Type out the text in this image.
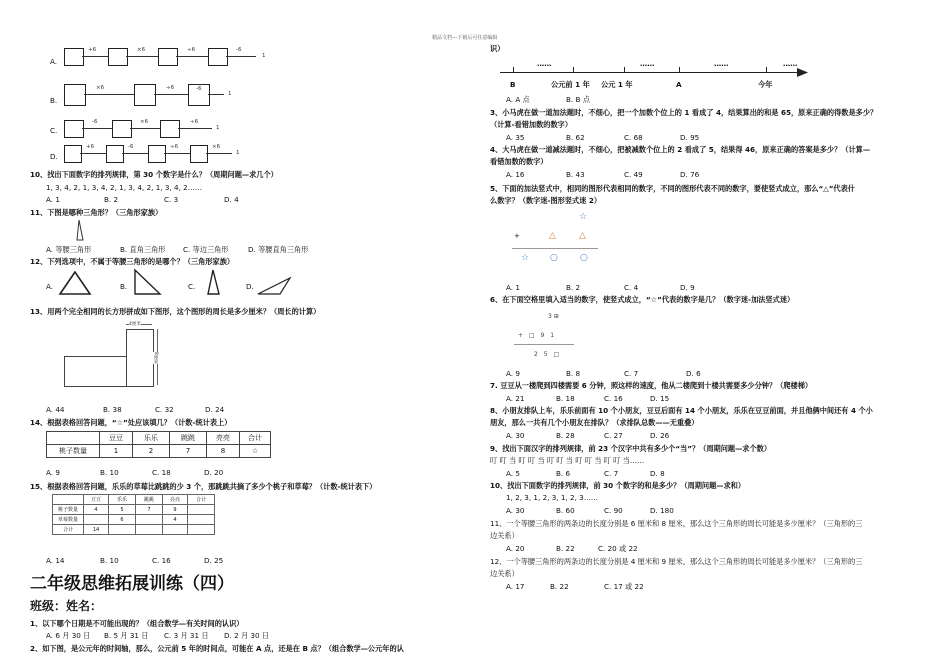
精品文档---下载后可任意编辑
A.
+6	×6	÷6	-6
1
B.
×6	÷6	-6
1
C.
-6	×6	÷6
1
D.
+6	-6	÷6	×6
1
10、找出下面数字的排列规律，第 30 个数字是什么？（周期问题—求几个）
1, 3, 4, 2, 1, 3, 4, 2, 1, 3, 4, 2, 1, 3, 4, 2……
A. 1	B. 2	C. 3	D. 4
11、下图是哪种三角形？（三角形家族）
A. 等腰三角形	B. 直角三角形 C. 等边三角形	D. 等腰直角三角形
12、下列选项中，不属于等腰三角形的是哪个？（三角形家族）
A.	B.	C.	D.
13、用两个完全相同的长方形拼成如下图形，这个图形的周长是多少厘米？（周长的计算）
4厘米
8厘米
A. 44	B. 38	C. 32	D. 24
14、根据表格回答问题，“☆”处应该填几？（计数-统计表上）
	豆豆	乐乐	跳跳	亮亮	合计
桃子数量	1	2	7	8	☆
A. 9	B. 10	C. 18	D. 20
15、根据表格回答问题，乐乐的草莓比跳跳的少 3 个，那跳跳共摘了多少个桃子和草莓？（计数-统计表下）
	豆豆	乐乐	跳跳	亮亮	合计
桃子数量	4	5	7	9	
草莓数量		6		4	
合计	14				
A. 14	B. 10	C. 16	D. 25
二年级思维拓展训练（四）
班级：姓名：
1、以下哪个日期是不可能出现的？（组合数学—有关时间的认识）
A. 6 月 30 日 B. 5 月 31 日 C. 3 月 31 日 D. 2 月 30 日
2、如下图，是公元年的时间轴，那么，公元前 5 年的时间点，可能在 A 点，还是在 B 点？（组合数学—公元年的认
识）
……	……	……	……
B	公元前 1 年 公元 1 年	A	今年
A. A 点	B. B 点
3、小马虎在做一道加法题时，不细心，把一个加数个位上的 1 看成了 4，结果算出的和是 65，原来正确的得数是多少？
（计算-看错加数的数字）
A. 35	B. 62	C. 68	D. 95
4、大马虎在做一道减法题时，不细心，把被减数个位上的 2 看成了 5，结果得 46，原来正确的答案是多少？（计算—
看错加数的数字）
A. 16	B. 43	C. 49	D. 76
5、下面的加法竖式中，相同的图形代表相同的数字，不同的图形代表不同的数字，要使竖式成立，那么“△”代表什
么数字？（数字迷-图形竖式迷 2）
☆
+	△	△
☆ ○ ○
A. 1	B. 2	C. 4	D. 9
6、在下面空格里填入适当的数字，使竖式成立，“☆”代表的数字是几？（数字迷-加法竖式迷）
3 ⊞
+ □ 9 1
2 5 □
A. 9	B. 8	C. 7	D. 6
7. 豆豆从一楼爬到四楼需要 6 分钟，照这样的速度，他从二楼爬到十楼共需要多少分钟？（爬楼梯）
A. 21	B. 18	C. 16	D. 15
8、小朋友排队上车，乐乐前面有 10 个小朋友，豆豆后面有 14 个小朋友，乐乐在豆豆前面，并且他俩中间还有 4 个小
朋友，那么一共有几个小朋友在排队？（求排队总数——无重叠）
A. 30	B. 28	C. 27	D. 26
9、找出下面汉字的排列规律，前 23 个汉字中共有多少个“当”？（周期问题—求个数）
叮 叮 当 叮 叮 当 叮 叮 当 叮 叮 当 叮 叮 当……
A. 5	B. 6	C. 7	D. 8
10、找出下面数字的排列规律，前 30 个数字的和是多少？（周期问题—求和）
1, 2, 3, 1, 2, 3, 1, 2, 3……
A. 30	B. 60	C. 90	D. 180
11、一个等腰三角形的两条边的长度分别是 6 厘米和 8 厘米，那么这个三角形的周长可能是多少厘米？（三角形的三
边关系）
A. 20	B. 22	C. 20 或 22
12、一个等腰三角形的两条边的长度分别是 4 厘米和 9 厘米，那么这个三角形的周长可能是多少厘米？（三角形的三
边关系）
A. 17	B. 22	C. 17 或 22
